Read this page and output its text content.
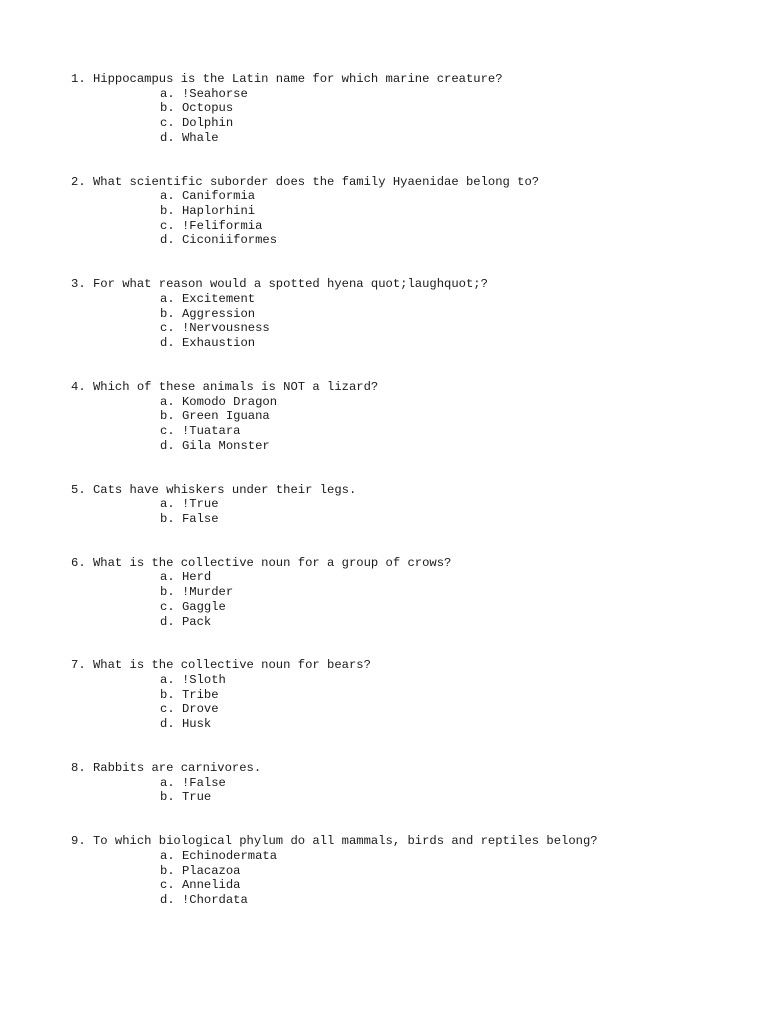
1. Hippocampus is the Latin name for which marine creature?
a. !Seahorse
b. Octopus
c. Dolphin
d. Whale
2. What scientific suborder does the family Hyaenidae belong to?
a. Caniformia
b. Haplorhini
c. !Feliformia
d. Ciconiiformes
3. For what reason would a spotted hyena quot;laughquot;?
a. Excitement
b. Aggression
c. !Nervousness
d. Exhaustion
4. Which of these animals is NOT a lizard?
a. Komodo Dragon
b. Green Iguana
c. !Tuatara
d. Gila Monster
5. Cats have whiskers under their legs.
a. !True
b. False
6. What is the collective noun for a group of crows?
a. Herd
b. !Murder
c. Gaggle
d. Pack
7. What is the collective noun for bears?
a. !Sloth
b. Tribe
c. Drove
d. Husk
8. Rabbits are carnivores.
a. !False
b. True
9. To which biological phylum do all mammals, birds and reptiles belong?
a. Echinodermata
b. Placazoa
c. Annelida
d. !Chordata
